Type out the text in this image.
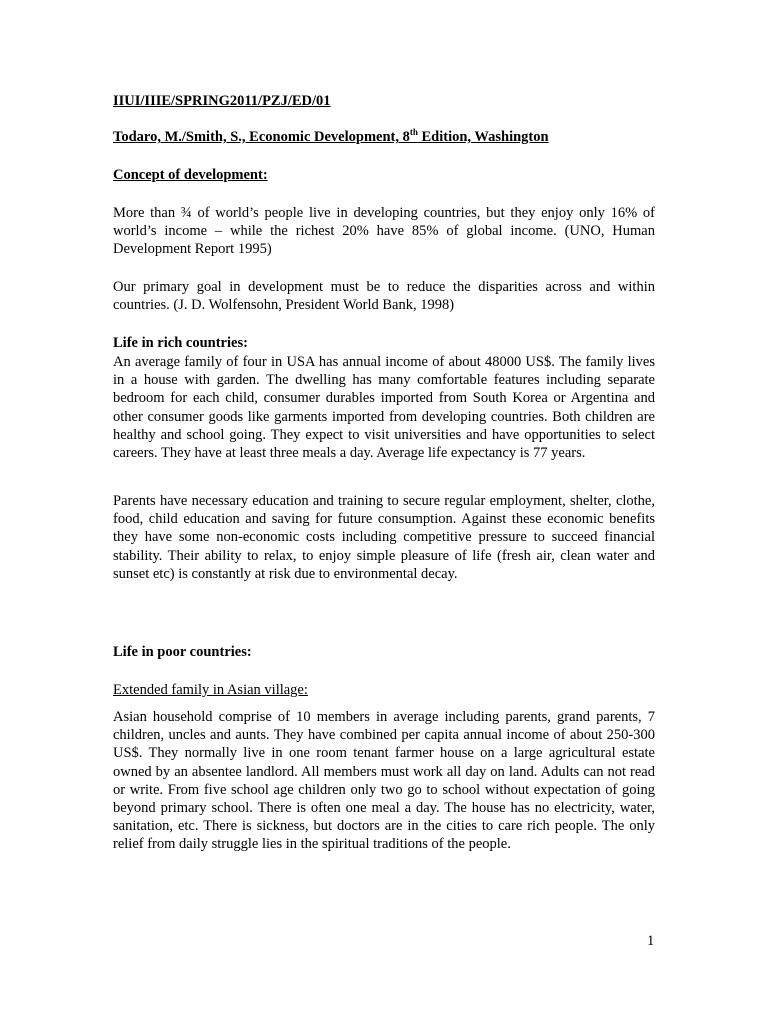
IIUI/IIIE/SPRING2011/PZJ/ED/01
Todaro, M./Smith, S., Economic Development, 8th Edition, Washington
Concept of development:

More than ¾ of world’s people live in developing countries, but they enjoy only 16% of world’s income – while the richest 20% have 85% of global income. (UNO, Human Development Report 1995)

Our primary goal in development must be to reduce the disparities across and within countries. (J. D. Wolfensohn, President World Bank, 1998)

Life in rich countries:

An average family of four in USA has annual income of about 48000 US$. The family lives in a house with garden. The dwelling has many comfortable features including separate bedroom for each child, consumer durables imported from South Korea or Argentina and other consumer goods like garments imported from developing countries. Both children are healthy and school going. They expect to visit universities and have opportunities to select careers. They have at least three meals a day. Average life expectancy is 77 years.

Parents have necessary education and training to secure regular employment, shelter, clothe, food, child education and saving for future consumption. Against these economic benefits they have some non-economic costs including competitive pressure to succeed financial stability. Their ability to relax, to enjoy simple pleasure of life (fresh air, clean water and sunset etc) is constantly at risk due to environmental decay.

Life in poor countries:
Extended family in Asian village:

Asian household comprise of 10 members in average including parents, grand parents, 7 children, uncles and aunts. They have combined per capita annual income of about 250-300 US$. They normally live in one room tenant farmer house on a large agricultural estate owned by an absentee landlord. All members must work all day on land. Adults can not read or write. From five school age children only two go to school without expectation of going beyond primary school. There is often one meal a day. The house has no electricity, water, sanitation, etc. There is sickness, but doctors are in the cities to care rich people. The only relief from daily struggle lies in the spiritual traditions of the people.

1
